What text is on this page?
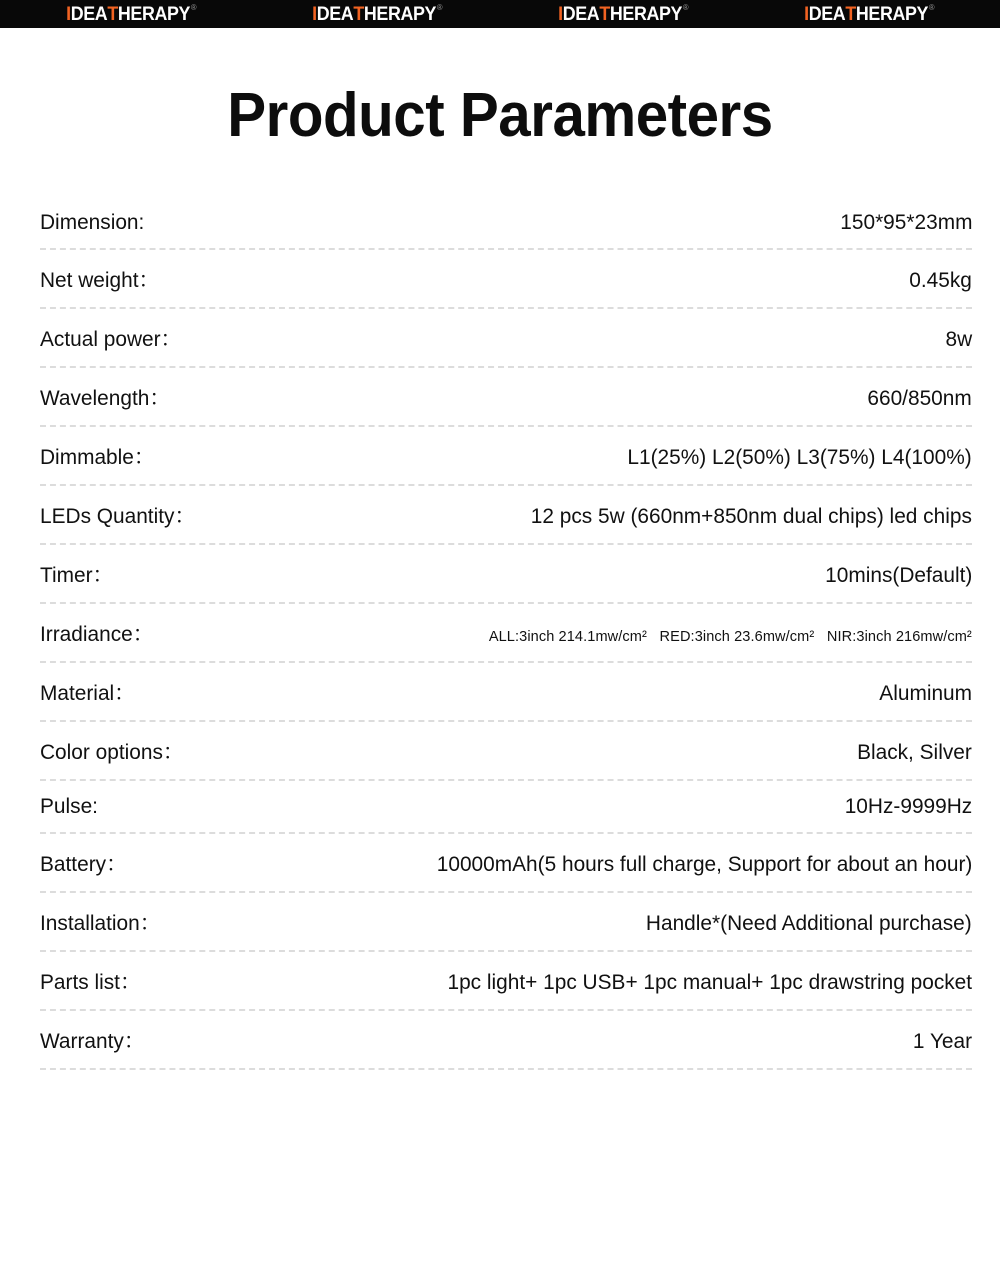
I DEA T HERAPY ®	I DEA T HERAPY ®	I DEA T HERAPY ®	I DEA T HERAPY ®
Product Parameters
Dimension:	150*95*23mm
Net weight：	0.45kg
Actual power：	8w
Wavelength：	660/850nm
Dimmable：	L1(25%) L2(50%) L3(75%) L4(100%)
LEDs Quantity：	12 pcs 5w (660nm+850nm dual chips) led chips
Timer：	10mins(Default)
Irradiance：	ALL:3inch 214.1mw/cm² RED:3inch 23.6mw/cm² NIR:3inch 216mw/cm²
Material：	Aluminum
Color options：	Black, Silver
Pulse:	10Hz-9999Hz
Battery：	10000mAh(5 hours full charge, Support for about an hour)
Installation：	Handle*(Need Additional purchase)
Parts list：	1pc light+ 1pc USB+ 1pc manual+ 1pc drawstring pocket
Warranty：	1 Year
